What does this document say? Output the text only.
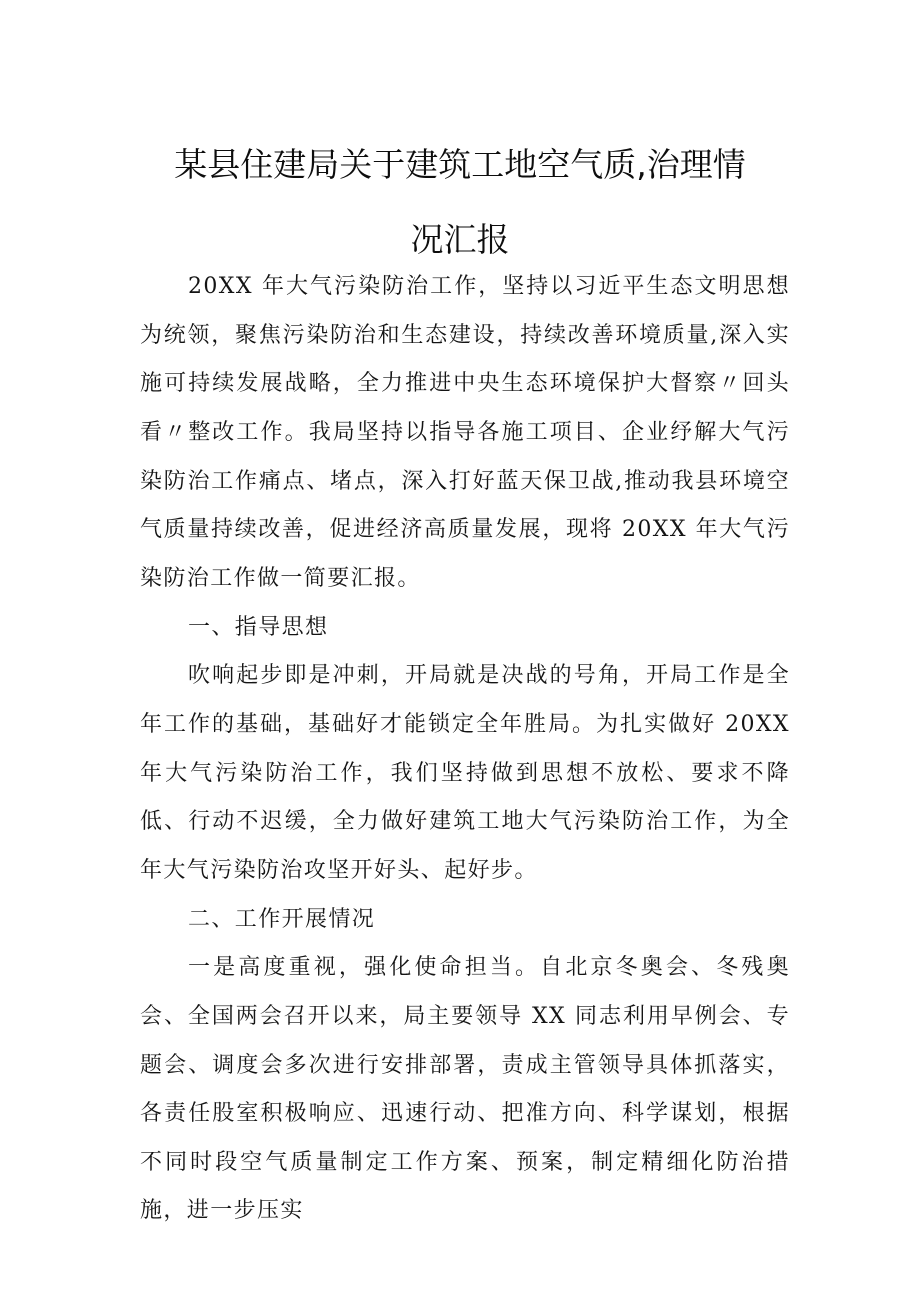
某县住建局关于建筑工地空气质,治理情
况汇报

20XX 年大气污染防治工作，坚持以习近平生态文明思想为统领，聚焦污染防治和生态建设，持续改善环境质量,深入实施可持续发展战略，全力推进中央生态环境保护大督察〃回头看〃整改工作。我局坚持以指导各施工项目、企业纾解大气污染防治工作痛点、堵点，深入打好蓝天保卫战,推动我县环境空气质量持续改善，促进经济高质量发展，现将 20XX 年大气污染防治工作做一简要汇报。

一、指导思想

吹响起步即是冲刺，开局就是决战的号角，开局工作是全年工作的基础，基础好才能锁定全年胜局。为扎实做好 20XX 年大气污染防治工作，我们坚持做到思想不放松、要求不降低、行动不迟缓，全力做好建筑工地大气污染防治工作，为全年大气污染防治攻坚开好头、起好步。

二、工作开展情况

一是高度重视，强化使命担当。自北京冬奥会、冬残奥会、全国两会召开以来，局主要领导 XX 同志利用早例会、专题会、调度会多次进行安排部署，责成主管领导具体抓落实，各责任股室积极响应、迅速行动、把准方向、科学谋划，根据不同时段空气质量制定工作方案、预案，制定精细化防治措施，进一步压实
